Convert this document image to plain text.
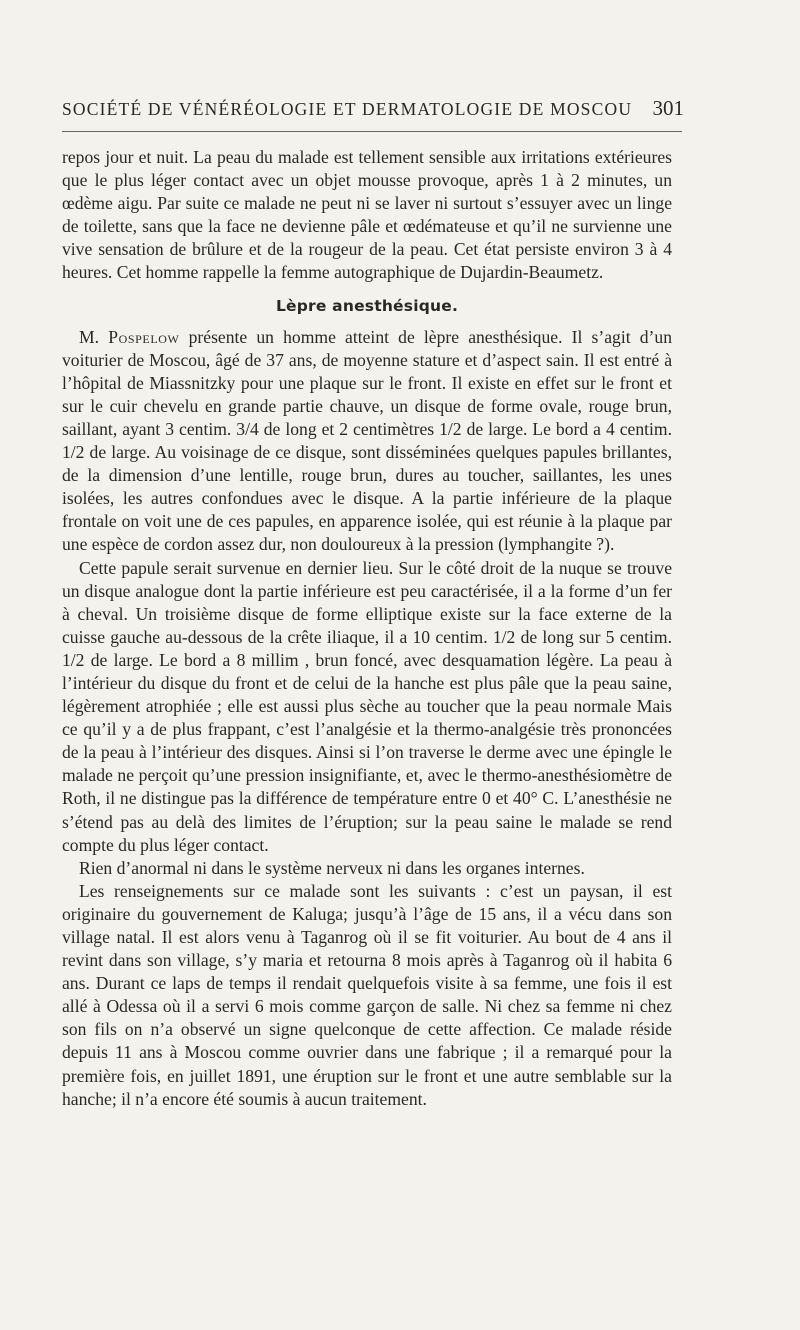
SOCIÉTÉ DE VÉNÉRÉOLOGIE ET DERMATOLOGIE DE MOSCOU 301

repos jour et nuit. La peau du malade est tellement sensible aux irritations extérieures que le plus léger contact avec un objet mousse provoque, après 1 à 2 minutes, un œdème aigu. Par suite ce malade ne peut ni se laver ni surtout s’essuyer avec un linge de toilette, sans que la face ne devienne pâle et œdémateuse et qu’il ne survienne une vive sensation de brûlure et de la rougeur de la peau. Cet état persiste environ 3 à 4 heures. Cet homme rappelle la femme autographique de Dujardin-Beaumetz.

Lèpre anesthésique.

M. Pospelow présente un homme atteint de lèpre anesthésique. Il s’agit d’un voiturier de Moscou, âgé de 37 ans, de moyenne stature et d’aspect sain. Il est entré à l’hôpital de Miassnitzky pour une plaque sur le front. Il existe en effet sur le front et sur le cuir chevelu en grande partie chauve, un disque de forme ovale, rouge brun, saillant, ayant 3 centim. 3/4 de long et 2 centimètres 1/2 de large. Le bord a 4 centim. 1/2 de large. Au voisinage de ce disque, sont disséminées quelques papules brillantes, de la dimension d’une lentille, rouge brun, dures au toucher, saillantes, les unes isolées, les autres confondues avec le disque. A la partie inférieure de la plaque frontale on voit une de ces papules, en apparence isolée, qui est réunie à la plaque par une espèce de cordon assez dur, non douloureux à la pression (lymphangite ?).

Cette papule serait survenue en dernier lieu. Sur le côté droit de la nuque se trouve un disque analogue dont la partie inférieure est peu caractérisée, il a la forme d’un fer à cheval. Un troisième disque de forme elliptique existe sur la face externe de la cuisse gauche au-dessous de la crête iliaque, il a 10 centim. 1/2 de long sur 5 centim. 1/2 de large. Le bord a 8 millim , brun foncé, avec desquamation légère. La peau à l’intérieur du disque du front et de celui de la hanche est plus pâle que la peau saine, légèrement atrophiée ; elle est aussi plus sèche au toucher que la peau normale Mais ce qu’il y a de plus frappant, c’est l’analgésie et la thermo-analgésie très prononcées de la peau à l’intérieur des disques. Ainsi si l’on traverse le derme avec une épingle le malade ne perçoit qu’une pression insignifiante, et, avec le thermo-anesthésiomètre de Roth, il ne distingue pas la différence de température entre 0 et 40° C. L’anesthésie ne s’étend pas au delà des limites de l’éruption; sur la peau saine le malade se rend compte du plus léger contact.

Rien d’anormal ni dans le système nerveux ni dans les organes internes.

Les renseignements sur ce malade sont les suivants : c’est un paysan, il est originaire du gouvernement de Kaluga; jusqu’à l’âge de 15 ans, il a vécu dans son village natal. Il est alors venu à Taganrog où il se fit voiturier. Au bout de 4 ans il revint dans son village, s’y maria et retourna 8 mois après à Taganrog où il habita 6 ans. Durant ce laps de temps il rendait quelquefois visite à sa femme, une fois il est allé à Odessa où il a servi 6 mois comme garçon de salle. Ni chez sa femme ni chez son fils on n’a observé un signe quelconque de cette affection. Ce malade réside depuis 11 ans à Moscou comme ouvrier dans une fabrique ; il a remarqué pour la première fois, en juillet 1891, une éruption sur le front et une autre semblable sur la hanche; il n’a encore été soumis à aucun traitement.
